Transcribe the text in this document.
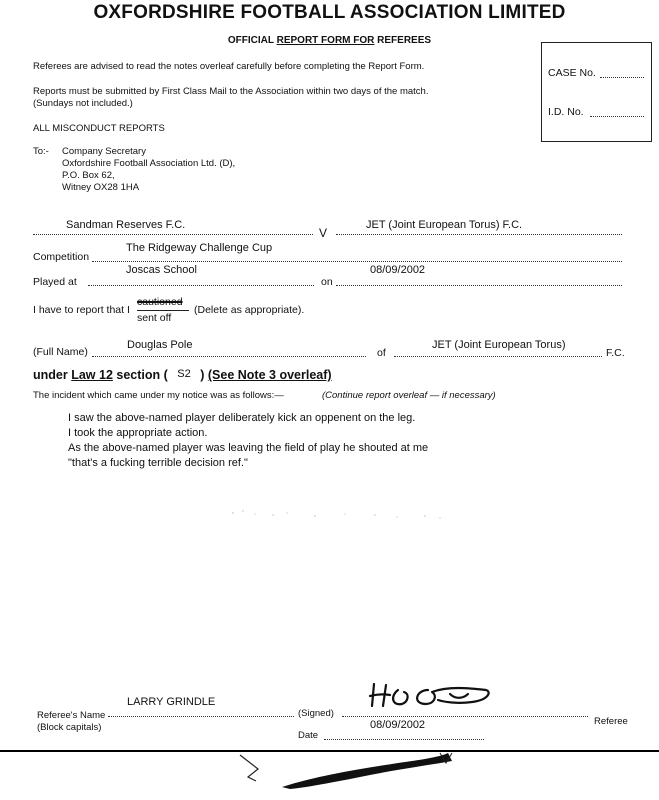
OXFORDSHIRE FOOTBALL ASSOCIATION LIMITED
OFFICIAL REPORT FORM FOR REFEREES
CASE No.
I.D. No.
Referees are advised to read the notes overleaf carefully before completing the Report Form.
Reports must be submitted by First Class Mail to the Association within two days of the match.
(Sundays not included.)
ALL MISCONDUCT REPORTS
To:- Company Secretary
Oxfordshire Football Association Ltd. (D),
P.O. Box 62,
Witney OX28 1HA
Sandman Reserves F.C.
V
JET (Joint European Torus) F.C.
Competition
The Ridgeway Challenge Cup
Played at
Joscas School
on
08/09/2002
I have to report that I
cautioned
sent off
(Delete as appropriate).
(Full Name)
Douglas Pole
of
JET (Joint European Torus)
F.C.
under Law 12 section ( S2 ) (See Note 3 overleaf)
The incident which came under my notice was as follows:—	(Continue report overleaf — if necessary)

I saw the above-named player deliberately kick an oppenent on the leg.

I took the appropriate action.

As the above-named player was leaving the field of play he shouted at me

"that's a fucking terrible decision ref."

Referee's Name
(Block capitals)
LARRY GRINDLE
(Signed)
Referee
Date
08/09/2002
